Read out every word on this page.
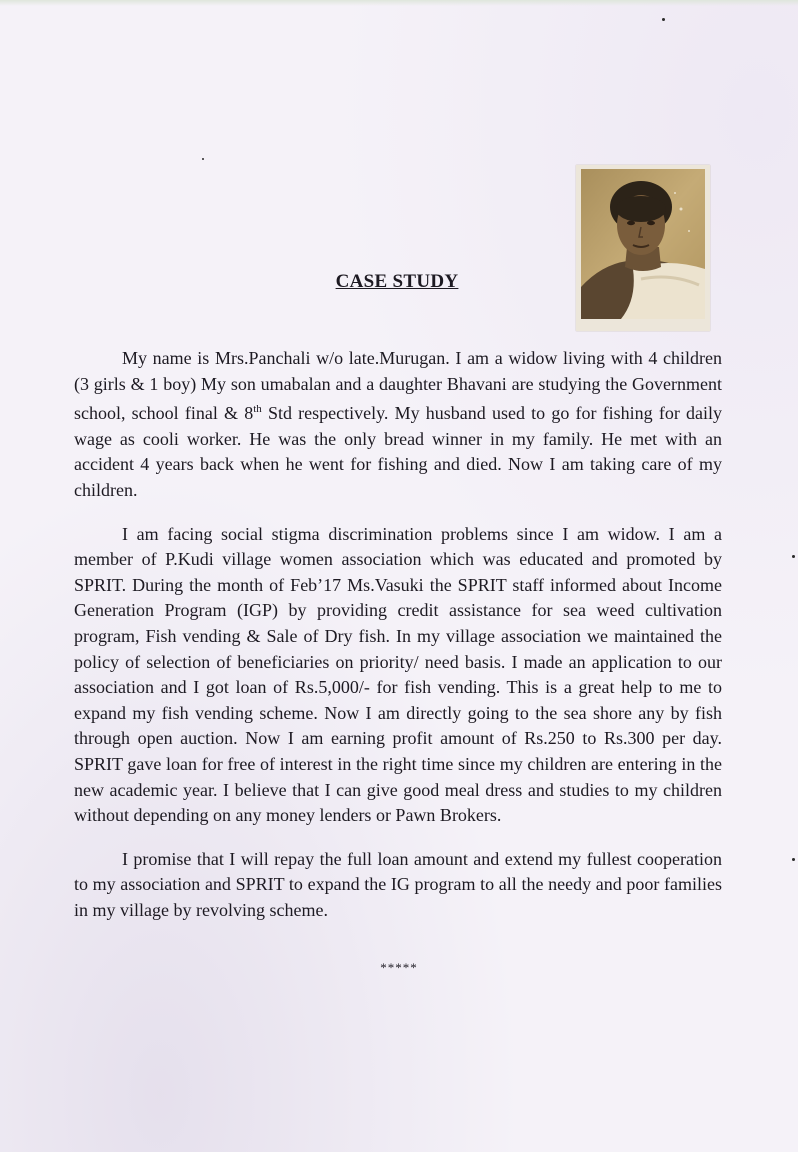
CASE STUDY

My name is Mrs.Panchali w/o late.Murugan. I am a widow living with 4 children (3 girls & 1 boy) My son umabalan and a daughter Bhavani are studying the Government school, school final & 8th Std respectively. My husband used to go for fishing for daily wage as cooli worker. He was the only bread winner in my family. He met with an accident 4 years back when he went for fishing and died. Now I am taking care of my children.

I am facing social stigma discrimination problems since I am widow. I am a member of P.Kudi village women association which was educated and promoted by SPRIT. During the month of Feb’17 Ms.Vasuki the SPRIT staff informed about Income Generation Program (IGP) by providing credit assistance for sea weed cultivation program, Fish vending & Sale of Dry fish. In my village association we maintained the policy of selection of beneficiaries on priority/ need basis. I made an application to our association and I got loan of Rs.5,000/- for fish vending. This is a great help to me to expand my fish vending scheme. Now I am directly going to the sea shore any by fish through open auction. Now I am earning profit amount of Rs.250 to Rs.300 per day. SPRIT gave loan for free of interest in the right time since my children are entering in the new academic year. I believe that I can give good meal dress and studies to my children without depending on any money lenders or Pawn Brokers.

I promise that I will repay the full loan amount and extend my fullest cooperation to my association and SPRIT to expand the IG program to all the needy and poor families in my village by revolving scheme.

*****
